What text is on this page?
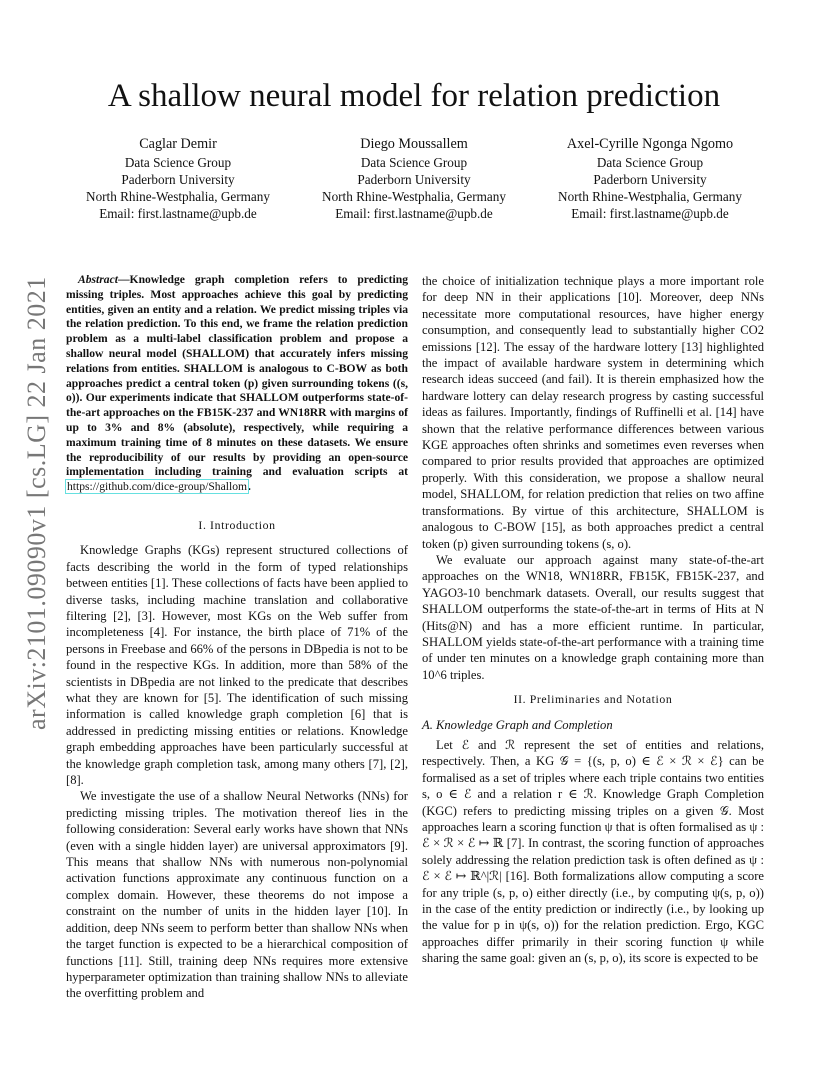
arXiv:2101.09090v1 [cs.LG] 22 Jan 2021
A shallow neural model for relation prediction
Caglar Demir
Data Science Group
Paderborn University
North Rhine-Westphalia, Germany
Email: first.lastname@upb.de
Diego Moussallem
Data Science Group
Paderborn University
North Rhine-Westphalia, Germany
Email: first.lastname@upb.de
Axel-Cyrille Ngonga Ngomo
Data Science Group
Paderborn University
North Rhine-Westphalia, Germany
Email: first.lastname@upb.de

Abstract—Knowledge graph completion refers to predicting missing triples. Most approaches achieve this goal by predicting entities, given an entity and a relation. We predict missing triples via the relation prediction. To this end, we frame the relation prediction problem as a multi-label classification problem and propose a shallow neural model (SHALLOM) that accurately infers missing relations from entities. SHALLOM is analogous to C-BOW as both approaches predict a central token (p) given surrounding tokens ((s, o)). Our experiments indicate that SHALLOM outperforms state-of-the-art approaches on the FB15K-237 and WN18RR with margins of up to 3% and 8% (absolute), respectively, while requiring a maximum training time of 8 minutes on these datasets. We ensure the reproducibility of our results by providing an open-source implementation including training and evaluation scripts at https://github.com/dice-group/Shallom.

I. Introduction

Knowledge Graphs (KGs) represent structured collections of facts describing the world in the form of typed relationships between entities [1]. These collections of facts have been applied to diverse tasks, including machine translation and collaborative filtering [2], [3]. However, most KGs on the Web suffer from incompleteness [4]. For instance, the birth place of 71% of the persons in Freebase and 66% of the persons in DBpedia is not to be found in the respective KGs. In addition, more than 58% of the scientists in DBpedia are not linked to the predicate that describes what they are known for [5]. The identification of such missing information is called knowledge graph completion [6] that is addressed in predicting missing entities or relations. Knowledge graph embedding approaches have been particularly successful at the knowledge graph completion task, among many others [7], [2], [8].

We investigate the use of a shallow Neural Networks (NNs) for predicting missing triples. The motivation thereof lies in the following consideration: Several early works have shown that NNs (even with a single hidden layer) are universal approximators [9]. This means that shallow NNs with numerous non-polynomial activation functions approximate any continuous function on a complex domain. However, these theorems do not impose a constraint on the number of units in the hidden layer [10]. In addition, deep NNs seem to perform better than shallow NNs when the target function is expected to be a hierarchical composition of functions [11]. Still, training deep NNs requires more extensive hyperparameter optimization than training shallow NNs to alleviate the overfitting problem and

the choice of initialization technique plays a more important role for deep NN in their applications [10]. Moreover, deep NNs necessitate more computational resources, have higher energy consumption, and consequently lead to substantially higher CO2 emissions [12]. The essay of the hardware lottery [13] highlighted the impact of available hardware system in determining which research ideas succeed (and fail). It is therein emphasized how the hardware lottery can delay research progress by casting successful ideas as failures. Importantly, findings of Ruffinelli et al. [14] have shown that the relative performance differences between various KGE approaches often shrinks and sometimes even reverses when compared to prior results provided that approaches are optimized properly. With this consideration, we propose a shallow neural model, SHALLOM, for relation prediction that relies on two affine transformations. By virtue of this architecture, SHALLOM is analogous to C-BOW [15], as both approaches predict a central token (p) given surrounding tokens (s, o).

We evaluate our approach against many state-of-the-art approaches on the WN18, WN18RR, FB15K, FB15K-237, and YAGO3-10 benchmark datasets. Overall, our results suggest that SHALLOM outperforms the state-of-the-art in terms of Hits at N (Hits@N) and has a more efficient runtime. In particular, SHALLOM yields state-of-the-art performance with a training time of under ten minutes on a knowledge graph containing more than 10^6 triples.

II. Preliminaries and Notation
A. Knowledge Graph and Completion

Let ℰ and ℛ represent the set of entities and relations, respectively. Then, a KG 𝒢 = {(s, p, o) ∈ ℰ × ℛ × ℰ} can be formalised as a set of triples where each triple contains two entities s, o ∈ ℰ and a relation r ∈ ℛ. Knowledge Graph Completion (KGC) refers to predicting missing triples on a given 𝒢. Most approaches learn a scoring function ψ that is often formalised as ψ : ℰ × ℛ × ℰ ↦ ℝ [7]. In contrast, the scoring function of approaches solely addressing the relation prediction task is often defined as ψ : ℰ × ℰ ↦ ℝ^|ℛ| [16]. Both formalizations allow computing a score for any triple (s, p, o) either directly (i.e., by computing ψ(s, p, o)) in the case of the entity prediction or indirectly (i.e., by looking up the value for p in ψ(s, o)) for the relation prediction. Ergo, KGC approaches differ primarily in their scoring function ψ while sharing the same goal: given an (s, p, o), its score is expected to be
